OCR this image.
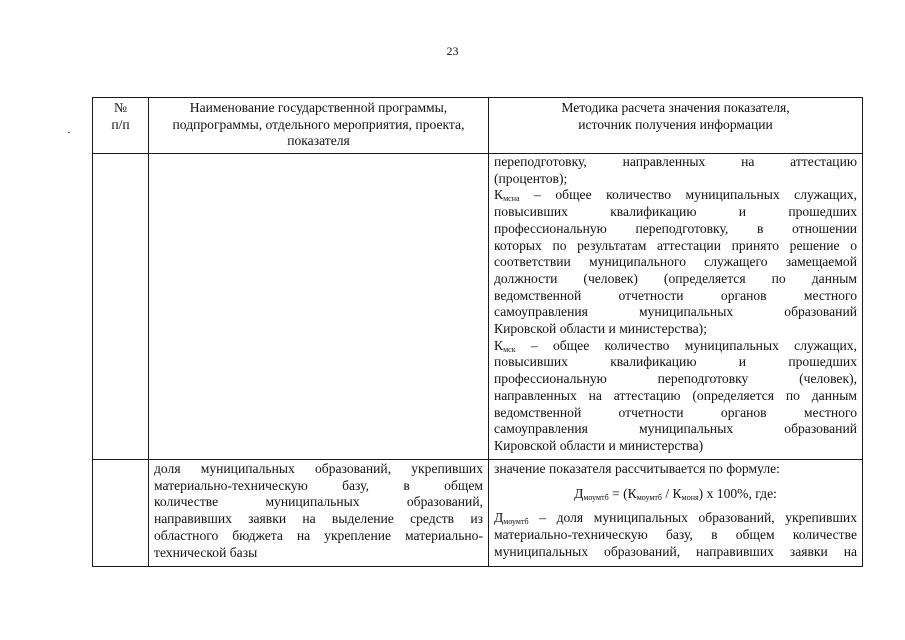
23
№
п/п
Наименование государственной программы,
подпрограммы, отдельного мероприятия, проекта,
показателя
Методика расчета значения показателя,
источник получения информации
переподготовку, направленных на аттестацию
(процентов);
$К_{мсна}$ – общее количество муниципальных служащих,
повысивших квалификацию и прошедших
профессиональную переподготовку, в отношении
которых по результатам аттестации принято решение о
соответствии муниципального служащего замещаемой
должности (человек) (определяется по данным
ведомственной отчетности органов местного
самоуправления муниципальных образований
Кировской области и министерства);
$К_{мск}$ – общее количество муниципальных служащих,
повысивших квалификацию и прошедших
профессиональную переподготовку (человек),
направленных на аттестацию (определяется по данным
ведомственной отчетности органов местного
самоуправления муниципальных образований
Кировской области и министерства)
доля муниципальных образований, укрепивших
материально-техническую базу, в общем
количестве муниципальных образований,
направивших заявки на выделение средств из
областного бюджета на укрепление материально-
технической базы
значение показателя рассчитывается по формуле:
$Д_{моумтб} = (К_{моумтб} / К_{моня})$ х 100%, где:
$Д_{моумтб}$ – доля муниципальных образований, укрепивших
материально-техническую базу, в общем количестве
муниципальных образований, направивших заявки на
